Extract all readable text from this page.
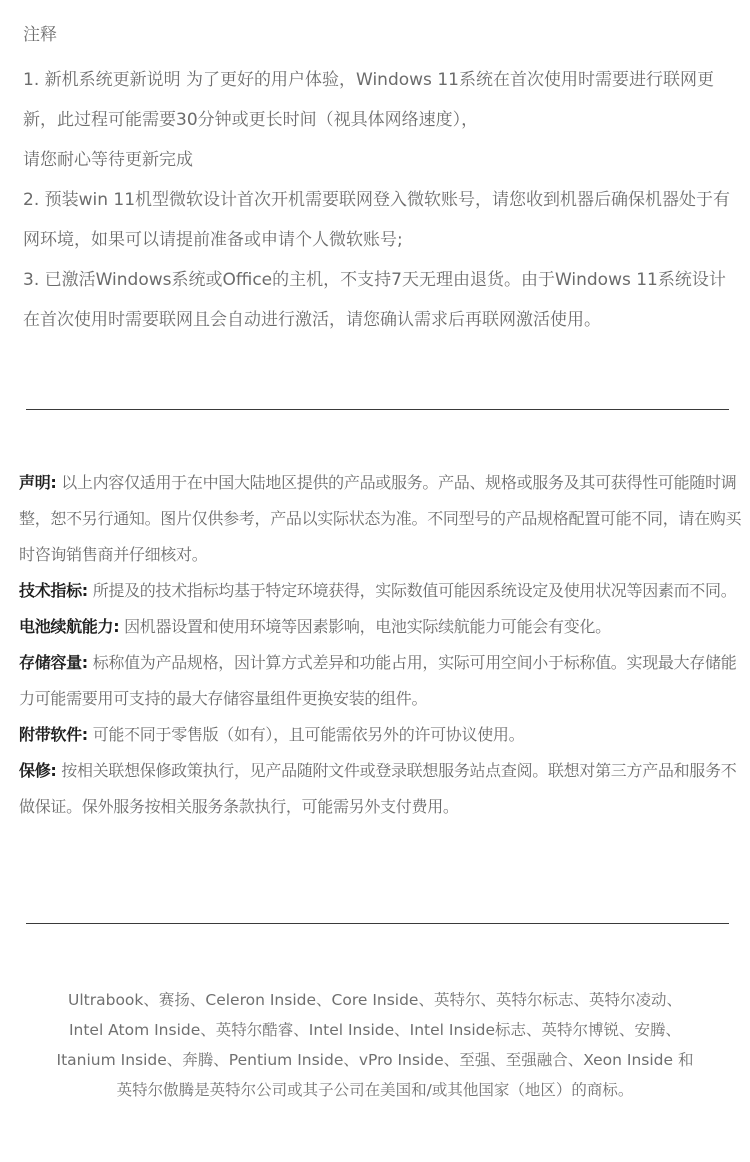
注释

1. 新机系统更新说明 为了更好的用户体验，Windows 11系统在首次使用时需要进行联网更新，此过程可能需要30分钟或更长时间（视具体网络速度），

请您耐心等待更新完成

2. 预装win 11机型微软设计首次开机需要联网登入微软账号，请您收到机器后确保机器处于有网环境，如果可以请提前准备或申请个人微软账号;

3. 已激活Windows系统或Office的主机，不支持7天无理由退货。由于Windows 11系统设计在首次使用时需要联网且会自动进行激活，请您确认需求后再联网激活使用。

声明: 以上内容仅适用于在中国大陆地区提供的产品或服务。产品、规格或服务及其可获得性可能随时调整，恕不另行通知。图片仅供参考，产品以实际状态为准。不同型号的产品规格配置可能不同，请在购买时咨询销售商并仔细核对。

技术指标: 所提及的技术指标均基于特定环境获得，实际数值可能因系统设定及使用状况等因素而不同。

电池续航能力: 因机器设置和使用环境等因素影响，电池实际续航能力可能会有变化。

存储容量: 标称值为产品规格，因计算方式差异和功能占用，实际可用空间小于标称值。实现最大存储能力可能需要用可支持的最大存储容量组件更换安装的组件。

附带软件: 可能不同于零售版（如有），且可能需依另外的许可协议使用。

保修: 按相关联想保修政策执行，见产品随附文件或登录联想服务站点查阅。联想对第三方产品和服务不做保证。保外服务按相关服务条款执行，可能需另外支付费用。

Ultrabook、赛扬、Celeron Inside、Core Inside、英特尔、英特尔标志、英特尔凌动、

Intel Atom Inside、英特尔酷睿、Intel Inside、Intel Inside标志、英特尔博锐、安腾、

Itanium Inside、奔腾、Pentium Inside、vPro Inside、至强、至强融合、Xeon Inside 和

英特尔傲腾是英特尔公司或其子公司在美国和/或其他国家（地区）的商标。
